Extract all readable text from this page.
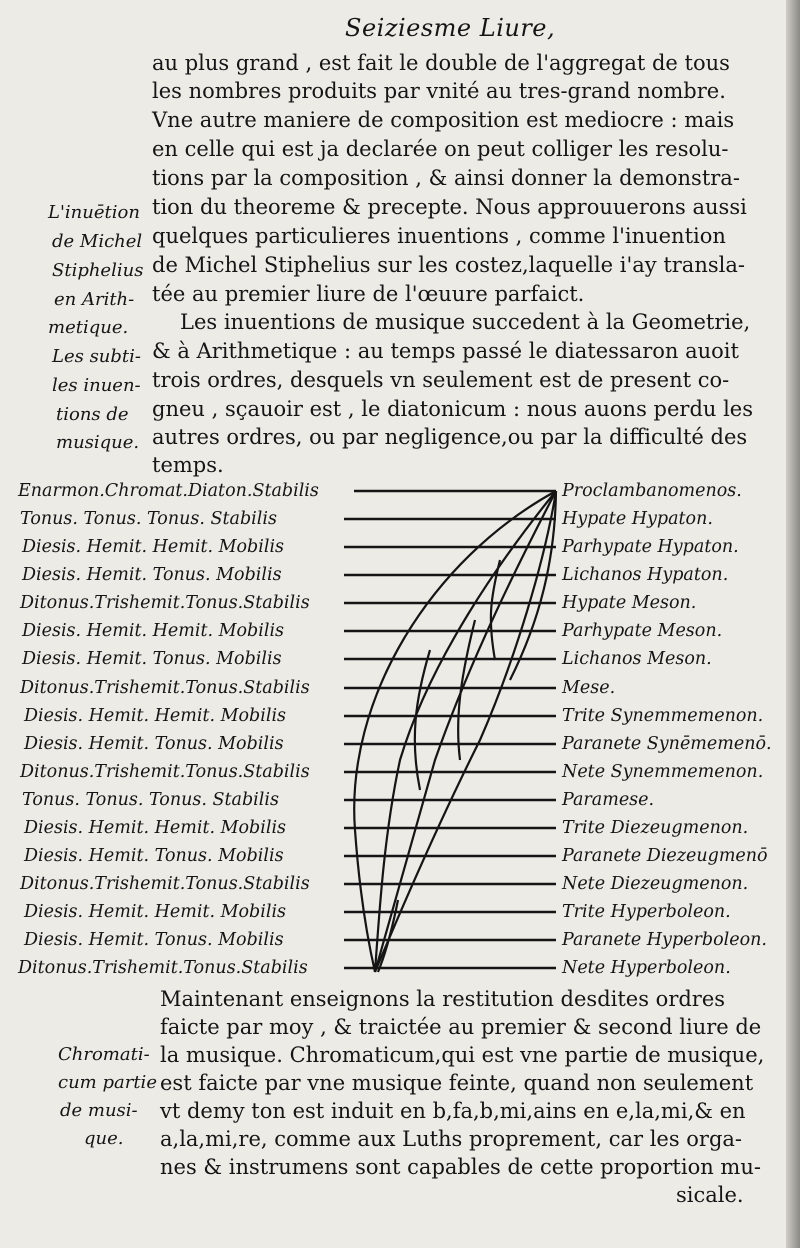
Seiziesme Liure,
au plus grand , est fait le double de l'aggregat de tous
les nombres produits par vnité au tres-grand nombre.
Vne autre maniere de composition est mediocre : mais
en celle qui est ja declarée on peut colliger les resolu-
tions par la composition , & ainsi donner la demonstra-
tion du theoreme & precepte. Nous approuuerons aussi
quelques particulieres inuentions , comme l'inuention
de Michel Stiphelius sur les costez,laquelle i'ay transla-
tée au premier liure de l'œuure parfaict.
Les inuentions de musique succedent à la Geometrie,
& à Arithmetique : au temps passé le diatessaron auoit
trois ordres, desquels vn seulement est de present co-
gneu , sçauoir est , le diatonicum : nous auons perdu les
autres ordres, ou par negligence,ou par la difficulté des
temps.
L'inuētion
de Michel
Stiphelius
en Arith-
metique.
Les subti-
les inuen-
tions de
musique.
Enarmon.Chromat.Diaton.Stabilis
Tonus. Tonus. Tonus. Stabilis
Diesis. Hemit. Hemit. Mobilis
Diesis. Hemit. Tonus. Mobilis
Ditonus.Trishemit.Tonus.Stabilis
Diesis. Hemit. Hemit. Mobilis
Diesis. Hemit. Tonus. Mobilis
Ditonus.Trishemit.Tonus.Stabilis
Diesis. Hemit. Hemit. Mobilis
Diesis. Hemit. Tonus. Mobilis
Ditonus.Trishemit.Tonus.Stabilis
Tonus. Tonus. Tonus. Stabilis
Diesis. Hemit. Hemit. Mobilis
Diesis. Hemit. Tonus. Mobilis
Ditonus.Trishemit.Tonus.Stabilis
Diesis. Hemit. Hemit. Mobilis
Diesis. Hemit. Tonus. Mobilis
Ditonus.Trishemit.Tonus.Stabilis
Proclambanomenos.
Hypate Hypaton.
Parhypate Hypaton.
Lichanos Hypaton.
Hypate Meson.
Parhypate Meson.
Lichanos Meson.
Mese.
Trite Synemmemenon.
Paranete Synēmemenō.
Nete Synemmemenon.
Paramese.
Trite Diezeugmenon.
Paranete Diezeugmenō
Nete Diezeugmenon.
Trite Hyperboleon.
Paranete Hyperboleon.
Nete Hyperboleon.
Maintenant enseignons la restitution desdites ordres
faicte par moy , & traictée au premier & second liure de
la musique. Chromaticum,qui est vne partie de musique,
est faicte par vne musique feinte, quand non seulement
vt demy ton est induit en b,fa,b,mi,ains en e,la,mi,& en
a,la,mi,re, comme aux Luths proprement, car les orga-
nes & instrumens sont capables de cette proportion mu-
sicale.
Chromati-
cum partie
de musi-
que.
